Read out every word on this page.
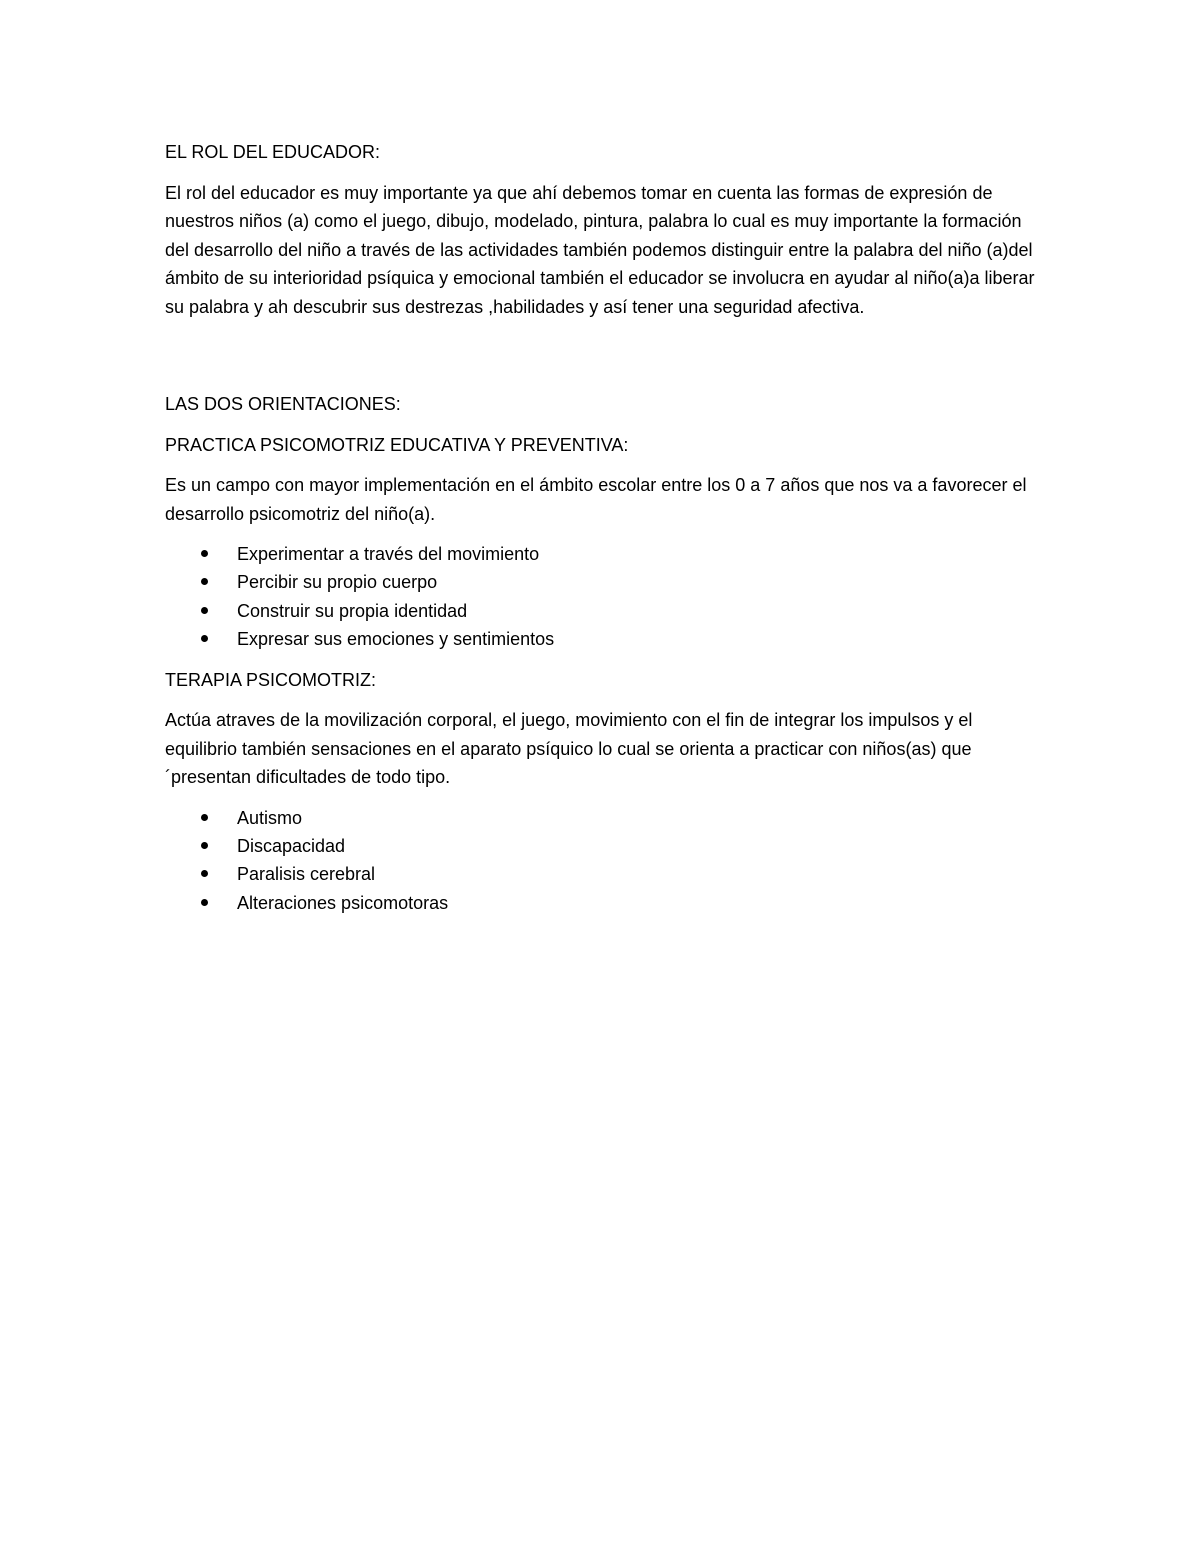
EL ROL DEL EDUCADOR:

El rol del educador es muy importante ya que ahí debemos tomar en cuenta las formas de expresión de nuestros niños (a) como el juego, dibujo, modelado, pintura, palabra lo cual es muy importante la formación del desarrollo del niño a través de las actividades también podemos distinguir entre la palabra del niño (a)del ámbito de su interioridad psíquica y emocional también el educador se involucra en ayudar al niño(a)a liberar su palabra y ah descubrir sus destrezas ,habilidades y así tener una seguridad afectiva.

LAS DOS ORIENTACIONES:

PRACTICA PSICOMOTRIZ EDUCATIVA Y PREVENTIVA:

Es un campo con mayor implementación en el ámbito escolar entre los 0 a 7 años que nos va a favorecer el desarrollo psicomotriz del niño(a).

Experimentar a través del movimiento
Percibir su propio cuerpo
Construir su propia identidad
Expresar sus emociones y sentimientos

TERAPIA PSICOMOTRIZ:

Actúa atraves de la movilización corporal, el juego, movimiento con el fin de integrar los impulsos y el equilibrio también sensaciones en el aparato psíquico lo cual se orienta a practicar con niños(as) que ´presentan dificultades de todo tipo.

Autismo
Discapacidad
Paralisis cerebral
Alteraciones psicomotoras
